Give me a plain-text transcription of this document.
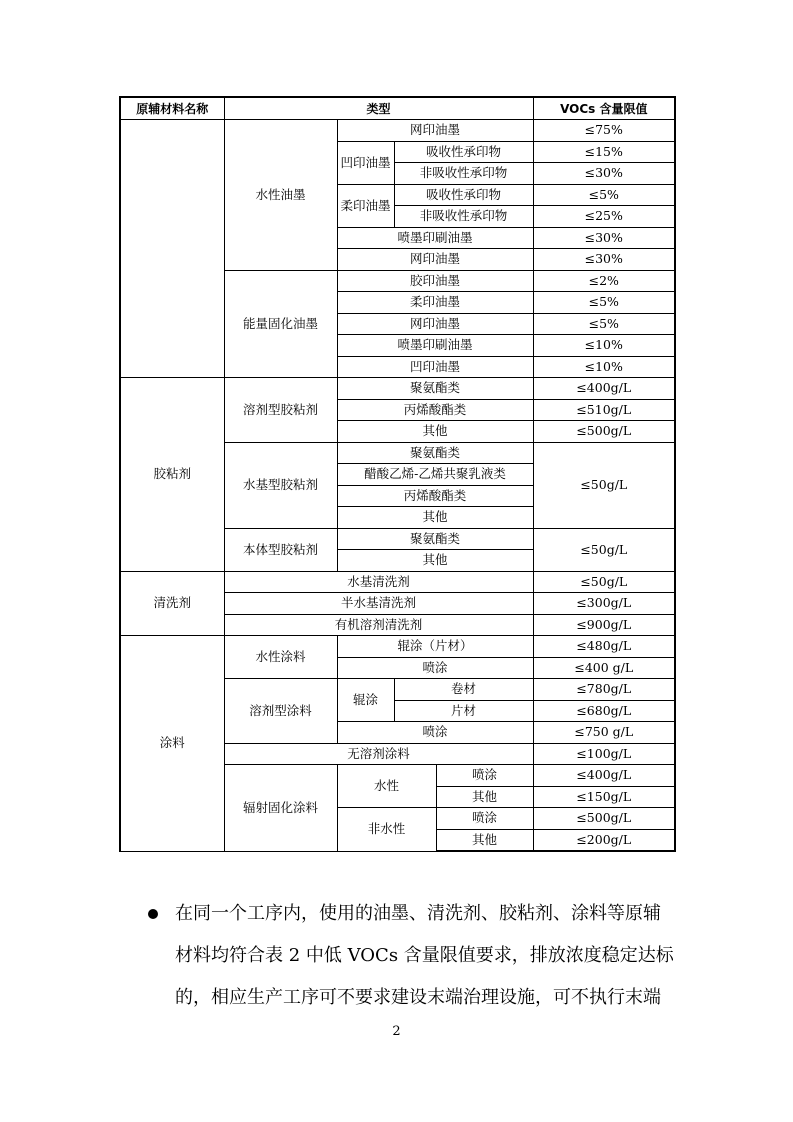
原辅材料名称	类型				VOCs 含量限值
	水性油墨	网印油墨			≤75%
		凹印油墨	吸收性承印物		≤15%
			非吸收性承印物		≤30%
		柔印油墨	吸收性承印物		≤5%
			非吸收性承印物		≤25%
		喷墨印刷油墨			≤30%
		网印油墨			≤30%
	能量固化油墨	胶印油墨			≤2%
		柔印油墨			≤5%
		网印油墨			≤5%
		喷墨印刷油墨			≤10%
		凹印油墨			≤10%
胶粘剂	溶剂型胶粘剂	聚氨酯类			≤400g/L
		丙烯酸酯类			≤510g/L
		其他			≤500g/L
	水基型胶粘剂	聚氨酯类			≤50g/L
		醋酸乙烯-乙烯共聚乳液类			
		丙烯酸酯类			
		其他			
	本体型胶粘剂	聚氨酯类			≤50g/L
		其他			
清洗剂	水基清洗剂				≤50g/L
	半水基清洗剂				≤300g/L
	有机溶剂清洗剂				≤900g/L
涂料	水性涂料	辊涂（片材）			≤480g/L
		喷涂			≤400 g/L
	溶剂型涂料	辊涂	卷材		≤780g/L
			片材		≤680g/L
		喷涂			≤750 g/L
	无溶剂涂料				≤100g/L
	辐射固化涂料	水性		喷涂	≤400g/L
				其他	≤150g/L
		非水性		喷涂	≤500g/L
				其他	≤200g/L

在同一个工序内，使用的油墨、清洗剂、胶粘剂、涂料等原辅

材料均符合表 2 中低 VOCs 含量限值要求，排放浓度稳定达标

的，相应生产工序可不要求建设末端治理设施，可不执行末端

2
